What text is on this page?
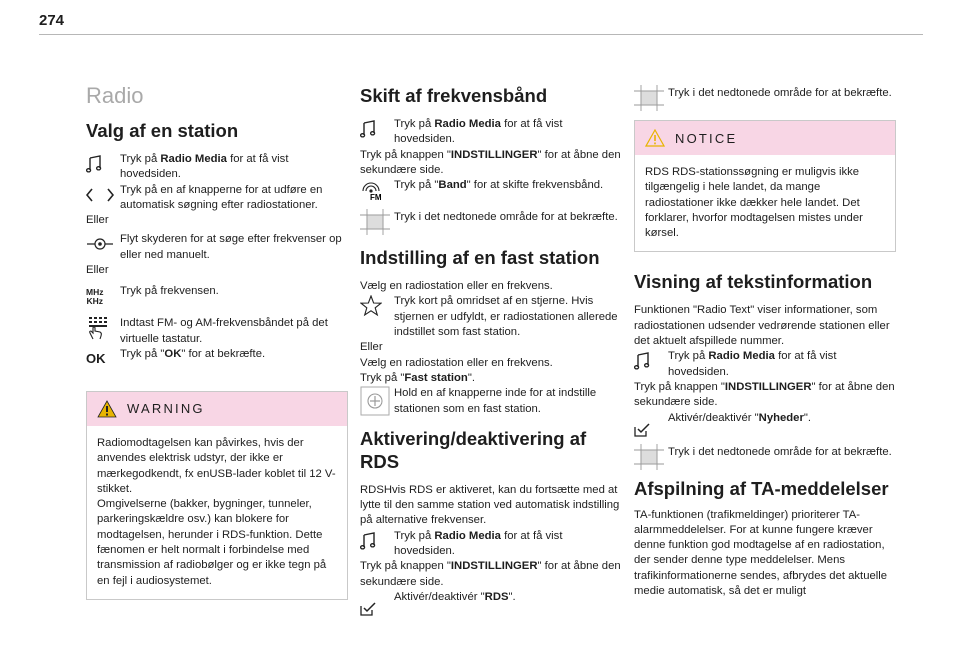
274
Radio
Valg af en station
Tryk på Radio Media for at få vist hovedsiden.
Tryk på en af knapperne for at udføre en automatisk søgning efter radiostationer.

Eller

Flyt skyderen for at søge efter frekvenser op eller ned manuelt.

Eller

MHz
KHz
Tryk på frekvensen.
Indtast FM- og AM-frekvensbåndet på det virtuelle tastatur.
OK Tryk på "OK" for at bekræfte.
WARNING
Radiomodtagelsen kan påvirkes, hvis der anvendes elektrisk udstyr, der ikke er mærkegodkendt, fx enUSB-lader koblet til 12 V-stikket.
Omgivelserne (bakker, bygninger, tunneler, parkeringskældre osv.) kan blokere for modtagelsen, herunder i RDS-funktion. Dette fænomen er helt normalt i forbindelse med transmission af radiobølger og er ikke tegn på en fejl i audiosystemet.
Skift af frekvensbånd
Tryk på Radio Media for at få vist hovedsiden.

Tryk på knappen "INDSTILLINGER" for at åbne den sekundære side.

FM
Tryk på "Band" for at skifte frekvensbånd.
Tryk i det nedtonede område for at bekræfte.
Indstilling af en fast station

Vælg en radiostation eller en frekvens.

Tryk kort på omridset af en stjerne. Hvis stjernen er udfyldt, er radiostationen allerede indstillet som fast station.

Eller

Vælg en radiostation eller en frekvens.

Tryk på "Fast station".

Hold en af knapperne inde for at indstille stationen som en fast station.
Aktivering/deaktivering af RDS

RDSHvis RDS er aktiveret, kan du fortsætte med at lytte til den samme station ved automatisk indstilling på alternative frekvenser.

Tryk på Radio Media for at få vist hovedsiden.

Tryk på knappen "INDSTILLINGER" for at åbne den sekundære side.

Aktivér/deaktivér "RDS".
Tryk i det nedtonede område for at bekræfte.
NOTICE
RDS RDS-stationssøgning er muligvis ikke tilgængelig i hele landet, da mange radiostationer ikke dækker hele landet. Det forklarer, hvorfor modtagelsen mistes under kørsel.
Visning af tekstinformation

Funktionen "Radio Text" viser informationer, som radiostationen udsender vedrørende stationen eller det aktuelt afspillede nummer.

Tryk på Radio Media for at få vist hovedsiden.

Tryk på knappen "INDSTILLINGER" for at åbne den sekundære side.

Aktivér/deaktivér "Nyheder".
Tryk i det nedtonede område for at bekræfte.
Afspilning af TA-meddelelser

TA-funktionen (trafikmeldinger) prioriterer TA-alarmmeddelelser. For at kunne fungere kræver denne funktion god modtagelse af en radiostation, der sender denne type meddelelser. Mens trafikinformationerne sendes, afbrydes det aktuelle medie automatisk, så det er muligt
